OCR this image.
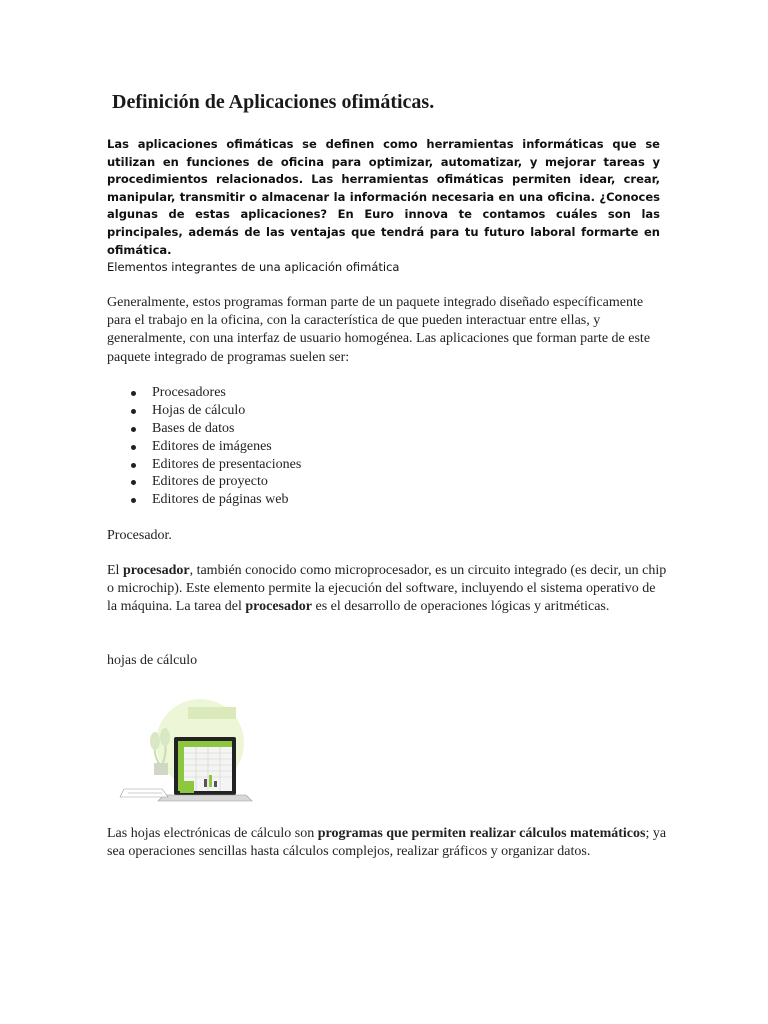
Definición de Aplicaciones ofimáticas.

Las aplicaciones ofimáticas se definen como herramientas informáticas que se utilizan en funciones de oficina para optimizar, automatizar, y mejorar tareas y procedimientos relacionados. Las herramientas ofimáticas permiten idear, crear, manipular, transmitir o almacenar la información necesaria en una oficina. ¿Conoces algunas de estas aplicaciones? En Euro innova te contamos cuáles son las principales, además de las ventajas que tendrá para tu futuro laboral formarte en ofimática.

Elementos integrantes de una aplicación ofimática

Generalmente, estos programas forman parte de un paquete integrado diseñado específicamente para el trabajo en la oficina, con la característica de que pueden interactuar entre ellas, y generalmente, con una interfaz de usuario homogénea. Las aplicaciones que forman parte de este paquete integrado de programas suelen ser:

Procesadores
Hojas de cálculo
Bases de datos
Editores de imágenes
Editores de presentaciones
Editores de proyecto
Editores de páginas web

Procesador.

El procesador, también conocido como microprocesador, es un circuito integrado (es decir, un chip o microchip). Este elemento permite la ejecución del software, incluyendo el sistema operativo de la máquina. La tarea del procesador es el desarrollo de operaciones lógicas y aritméticas.

hojas de cálculo

Las hojas electrónicas de cálculo son programas que permiten realizar cálculos matemáticos; ya sea operaciones sencillas hasta cálculos complejos, realizar gráficos y organizar datos.
